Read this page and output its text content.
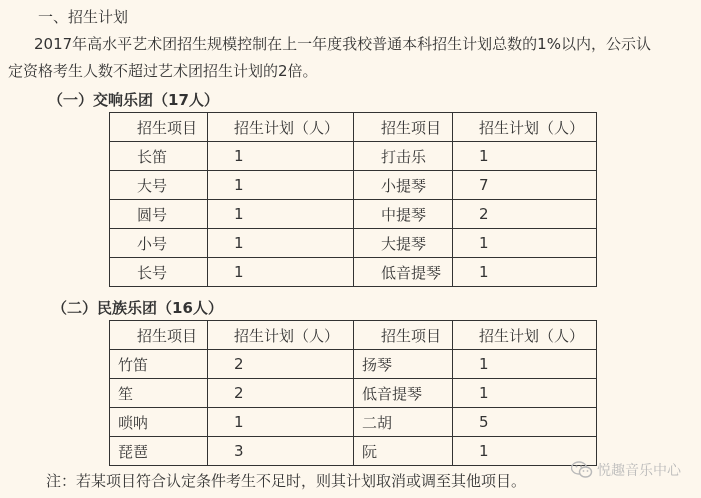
一、招生计划
2017年高水平艺术团招生规模控制在上一年度我校普通本科招生计划总数的1%以内，公示认
定资格考生人数不超过艺术团招生计划的2倍。
（一）交响乐团（17人）
招生项目	招生计划（人）	招生项目	招生计划（人）
长笛	1	打击乐	1
大号	1	小提琴	7
圆号	1	中提琴	2
小号	1	大提琴	1
长号	1	低音提琴	1
（二）民族乐团（16人）
招生项目	招生计划（人）	招生项目	招生计划（人）
竹笛	2	扬琴	1
笙	2	低音提琴	1
唢呐	1	二胡	5
琵琶	3	阮	1
注：若某项目符合认定条件考生不足时，则其计划取消或调至其他项目。
悦趣音乐中心
